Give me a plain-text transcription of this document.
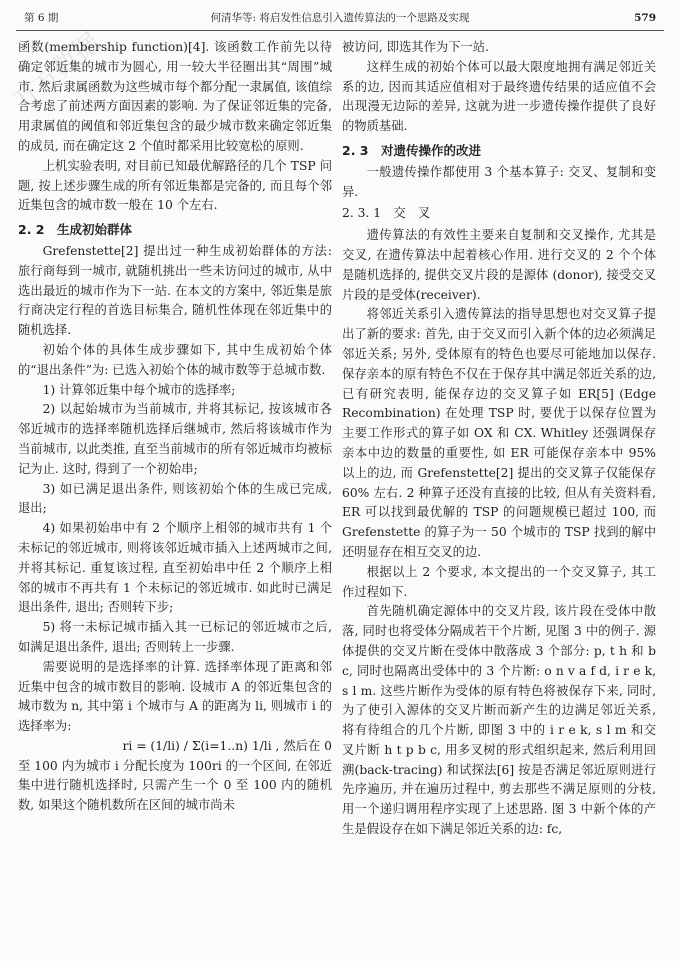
万方数据
第 6 期	何清华等: 将启发性信息引入遗传算法的一个思路及实现	579

函数(membership function)[4]. 该函数工作前先以待确定邻近集的城市为圆心, 用一较大半径圈出其“周围”城市. 然后隶属函数为这些城市每个都分配一隶属值, 该值综合考虑了前述两方面因素的影响. 为了保证邻近集的完备, 用隶属值的阈值和邻近集包含的最少城市数来确定邻近集的成员, 而在确定这 2 个值时都采用比较宽松的原则.

上机实验表明, 对目前已知最优解路径的几个 TSP 问题, 按上述步骤生成的所有邻近集都是完备的, 而且每个邻近集包含的城市数一般在 10 个左右.

2. 2　生成初始群体

Grefenstette[2] 提出过一种生成初始群体的方法: 旅行商每到一城市, 就随机挑出一些未访问过的城市, 从中选出最近的城市作为下一站. 在本文的方案中, 邻近集是旅行商决定行程的首选目标集合, 随机性体现在邻近集中的随机选择.

初始个体的具体生成步骤如下, 其中生成初始个体的“退出条件”为: 已选入初始个体的城市数等于总城市数.

1) 计算邻近集中每个城市的选择率;

2) 以起始城市为当前城市, 并将其标记, 按该城市各邻近城市的选择率随机选择后继城市, 然后将该城市作为当前城市, 以此类推, 直至当前城市的所有邻近城市均被标记为止. 这时, 得到了一个初始串;

3) 如已满足退出条件, 则该初始个体的生成已完成, 退出;

4) 如果初始串中有 2 个顺序上相邻的城市共有 1 个未标记的邻近城市, 则将该邻近城市插入上述两城市之间, 并将其标记. 重复该过程, 直至初始串中任 2 个顺序上相邻的城市不再共有 1 个未标记的邻近城市. 如此时已满足退出条件, 退出; 否则转下步;

5) 将一未标记城市插入其一已标记的邻近城市之后, 如满足退出条件, 退出; 否则转上一步骤.

需要说明的是选择率的计算. 选择率体现了距离和邻近集中包含的城市数目的影响. 设城市 A 的邻近集包含的城市数为 n, 其中第 i 个城市与 A 的距离为 li, 则城市 i 的选择率为:

ri = (1/li) / Σ(i=1..n) 1/li , 然后在 0

至 100 内为城市 i 分配长度为 100ri 的一个区间, 在邻近集中进行随机选择时, 只需产生一个 0 至 100 内的随机数, 如果这个随机数所在区间的城市尚未

被访问, 即选其作为下一站.

这样生成的初始个体可以最大限度地拥有满足邻近关系的边, 因而其适应值相对于最终遗传结果的适应值不会出现漫无边际的差异, 这就为进一步遗传操作提供了良好的物质基础.

2. 3　对遗传操作的改进

一般遗传操作都使用 3 个基本算子: 交叉、复制和变异.

2. 3. 1　交　叉

遗传算法的有效性主要来自复制和交叉操作, 尤其是交叉, 在遗传算法中起着核心作用. 进行交叉的 2 个个体是随机选择的, 提供交叉片段的是源体 (donor), 接受交叉片段的是受体(receiver).

将邻近关系引入遗传算法的指导思想也对交叉算子提出了新的要求: 首先, 由于交叉而引入新个体的边必须满足邻近关系; 另外, 受体原有的特色也要尽可能地加以保存. 保存亲本的原有特色不仅在于保存其中满足邻近关系的边, 已有研究表明, 能保存边的交叉算子如 ER[5] (Edge Recombination) 在处理 TSP 时, 要优于以保存位置为主要工作形式的算子如 OX 和 CX. Whitley 还强调保存亲本中边的数量的重要性, 如 ER 可能保存亲本中 95% 以上的边, 而 Grefenstette[2] 提出的交叉算子仅能保存 60% 左右. 2 种算子还没有直接的比较, 但从有关资料看, ER 可以找到最优解的 TSP 的问题规模已超过 100, 而 Grefenstette 的算子为一 50 个城市的 TSP 找到的解中还明显存在相互交叉的边.

根据以上 2 个要求, 本文提出的一个交叉算子, 其工作过程如下.

首先随机确定源体中的交叉片段, 该片段在受体中散落, 同时也将受体分隔成若干个片断, 见图 3 中的例子. 源体提供的交叉片断在受体中散落成 3 个部分: p, t h 和 b c, 同时也隔离出受体中的 3 个片断: o n v a f d, i r e k, s l m. 这些片断作为受体的原有特色将被保存下来, 同时, 为了使引入源体的交叉片断而新产生的边满足邻近关系, 将有待组合的几个片断, 即图 3 中的 i r e k, s l m 和交叉片断 h t p b c, 用多叉树的形式组织起来, 然后利用回溯(back-tracing) 和试探法[6] 按是否满足邻近原则进行先序遍历, 并在遍历过程中, 剪去那些不满足原则的分枝, 用一个递归调用程序实现了上述思路. 图 3 中新个体的产生是假设存在如下满足邻近关系的边: fc,
